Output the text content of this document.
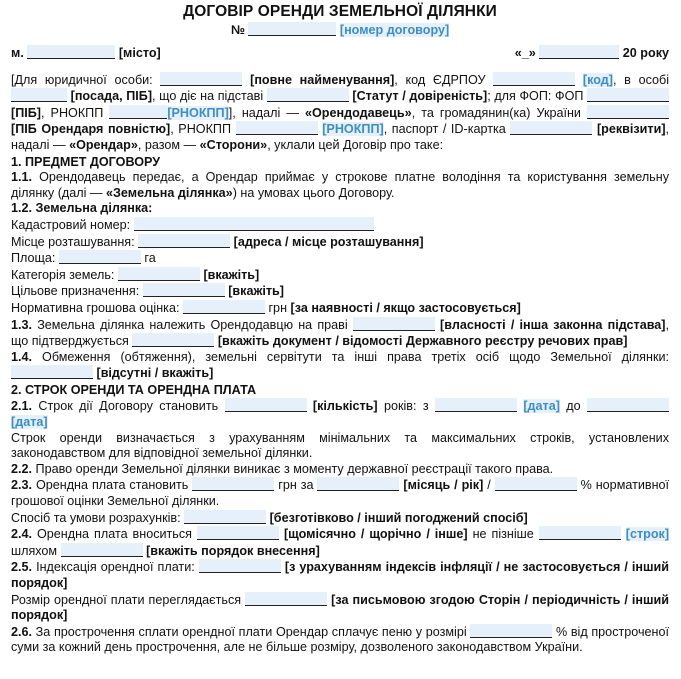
ДОГОВІР ОРЕНДИ ЗЕМЕЛЬНОЇ ДІЛЯНКИ
№	[номер договору]
м.	[місто]	«_»	20 року

[Для юридичної особи:	[повне найменування], код ЄДРПОУ	[код], в особі  [посада, ПІБ], що діє на підставі	[Статут / довіреність]; для ФОП: ФОП  [ПІБ], РНОКПП	[РНОКПП]], надалі — «Орендодавець», та громадянин(ка) України  [ПІБ Орендаря повністю], РНОКПП	[РНОКПП], паспорт / ID-картка	[реквізити], надалі — «Орендар», разом — «Сторони», уклали цей Договір про таке:

1. ПРЕДМЕТ ДОГОВОРУ

1.1. Орендодавець передає, а Орендар приймає у строкове платне володіння та користування земельну ділянку (далі — «Земельна ділянка») на умовах цього Договору.

1.2. Земельна ділянка:

Кадастровий номер:

Місце розташування:	[адреса / місце розташування]

Площа:	га

Категорія земель:	[вкажіть]

Цільове призначення:	[вкажіть]

Нормативна грошова оцінка:	грн [за наявності / якщо застосовується]

1.3. Земельна ділянка належить Орендодавцю на праві	[власності / інша законна підстава], що підтверджується	[вкажіть документ / відомості Державного реєстру речових прав]

1.4. Обмеження (обтяження), земельні сервітути та інші права третіх осіб щодо Земельної ділянки:  [відсутні / вкажіть]

2. СТРОК ОРЕНДИ ТА ОРЕНДНА ПЛАТА

2.1. Строк дії Договору становить	[кількість] років: з	[дата] до  [дата]

Строк оренди визначається з урахуванням мінімальних та максимальних строків, установлених законодавством для відповідної земельної ділянки.

2.2. Право оренди Земельної ділянки виникає з моменту державної реєстрації такого права.

2.3. Орендна плата становить	грн за	[місяць / рік] /	% нормативної грошової оцінки Земельної ділянки.

Спосіб та умови розрахунків:	[безготівково / інший погоджений спосіб]

2.4. Орендна плата вноситься	[щомісячно / щорічно / інше] не пізніше	[строк] шляхом	[вкажіть порядок внесення]

2.5. Індексація орендної плати:	[з урахуванням індексів інфляції / не застосовується / інший порядок]

Розмір орендної плати переглядається	[за письмовою згодою Сторін / періодичність / інший порядок]

2.6. За прострочення сплати орендної плати Орендар сплачує пеню у розмірі	% від простроченої суми за кожний день прострочення, але не більше розміру, дозволеного законодавством України.
